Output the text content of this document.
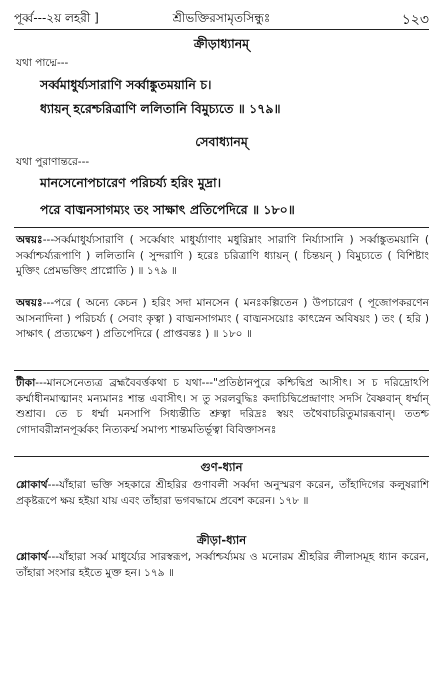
পূর্ব্ব---২য় লহরী ]	শ্রীভক্তিরসামৃতসিন্ধুঃ	১২৩
ক্রীড়াধ্যানম্
যথা পাদ্মে---
সর্ব্বমাধুর্য্যসারাণি সর্ব্বাঙ্কুতময়ানি চ।
ধ্যায়ন্ হরেশ্চরিত্রাণি ললিতানি বিমুচ্যতে ॥ ১৭৯॥
সেবাধ্যানম্
যথা পুরাণান্তরে---
মানসেনোপচারেণ পরিচর্য্য হরিং মুদ্রা।
পরে বাঙ্মনসাগম্যং তং সাক্ষাৎ প্রতিপেদিরে ॥ ১৮০॥
অন্বয়ঃ---সর্ব্বমাধুর্য্যসারাণি ( সর্ব্বেষাং মাধুর্য্যাণাং মধুরিম্নাং সারাণি নির্য্যাসানি ) সর্ব্বাঙ্কুতময়ানি ( সর্ব্বাশ্চর্য্যরূপাণি ) ললিতানি ( সুন্দরাণি ) হরেঃ চরিত্রাণি ধ্যায়ন্ ( চিন্তয়ন্ ) বিমুচ্যতে ( বিশিষ্টাং মুক্তিং প্রেমভক্তিং প্রাপ্নোতি ) ॥ ১৭৯ ॥
অন্বয়ঃ---পরে ( অন্যে কেচন ) হরিং সদা মানসেন ( মনঃকল্পিতেন ) উপচারেণ ( পূজোপকরণেন আসনাদিনা ) পরিচর্য্য ( সেবাং কৃত্বা ) বাঙ্মনসাগম্যং ( বাঙ্মনসয়োঃ কাৎস্নেন অবিষয়ং ) তং ( হরি ) সাক্ষাৎ ( প্রত্যক্ষেণ ) প্রতিপেদিরে ( প্রাপ্তবন্তঃ ) ॥ ১৮০ ॥
টীকা---মানসেনেত্যত্র ব্রহ্মবৈবর্ত্তকথা চ যথা---"প্রতিষ্ঠানপুরে কশ্চিদ্বিপ্র আসীৎ। স চ দরিদ্রোঽপি কর্ম্মাধীনমাত্মানং মন্যমানঃ শান্ত এবাসীৎ। স তু সরলবুদ্ধিঃ কদাচিদ্বিপ্রেন্দ্রাণাং সদসি বৈষ্ণবান্ ধর্ম্মান্ শুশ্রাব। তে চ ধর্ম্মা মনসাপি সিধ্যন্তীতি শ্রুত্বা দরিদ্রঃ স্বয়ং তথৈবাচরিতুমারব্ধবান্। ততশ্চ গোদাবরীস্নানপূর্ব্বকং নিত্যকর্ম্ম সমাপ্য শান্তমতির্ভূত্বা বিবিক্তাসনঃ
গুণ-ধ্যান
শ্লোকার্থ---যাঁহারা ভক্তি সহকারে শ্রীহরির গুণাবলী সর্ব্বদা অনুস্মরণ করেন, তাঁহাদিগের কলুষরাশি প্রকৃষ্টরূপে ক্ষয় হইয়া যায় এবং তাঁহারা ভগবদ্ধামে প্রবেশ করেন। ১৭৮ ॥
ক্রীড়া-ধ্যান
শ্লোকার্থ---যাঁহারা সর্ব্ব মাধুর্য্যের সারস্বরূপ, সর্ব্বাশ্চর্য্যময় ও মনোরম শ্রীহরির লীলাসমূহ ধ্যান করেন, তাঁহারা সংসার হইতে মুক্ত হন। ১৭৯ ॥
